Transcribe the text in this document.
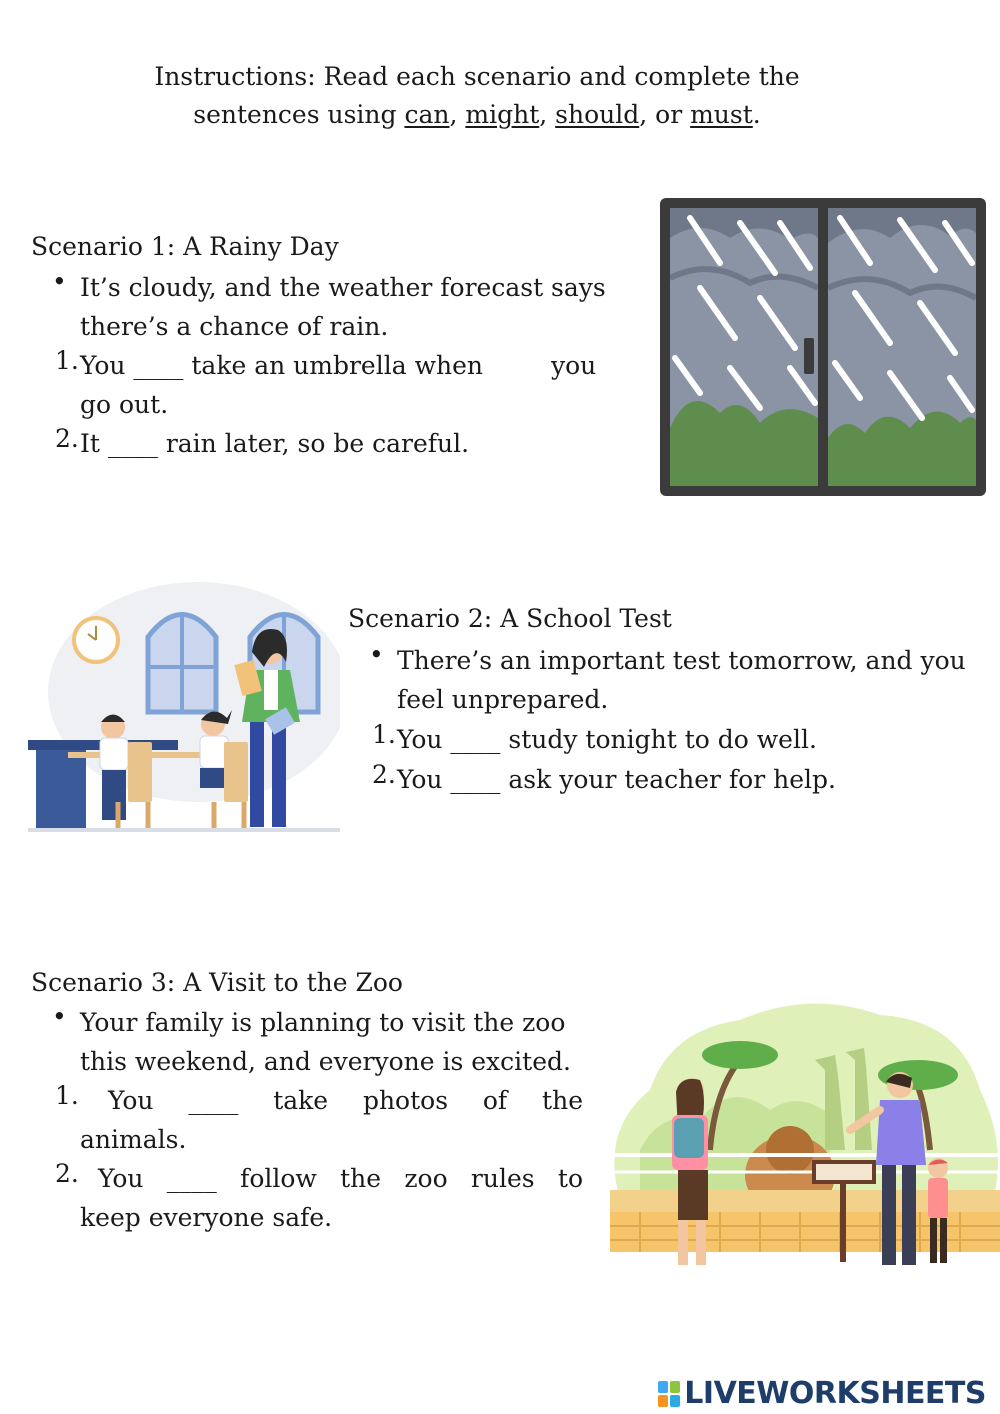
Instructions: Read each scenario and complete the
sentences using can, might, should, or must.
Scenario 1: A Rainy Day
• It’s cloudy, and the weather forecast says
there’s a chance of rain.
1. You ____ take an umbrella when	you
go out.
2. It ____ rain later, so be careful.
Scenario 2: A School Test
• There’s an important test tomorrow, and you
feel unprepared.
1. You ____ study tonight to do well.
2. You ____ ask your teacher for help.
Scenario 3: A Visit to the Zoo
• Your family is planning to visit the zoo
this weekend, and everyone is excited.
1. You ____ take photos of the
animals.
2. You ____ follow the zoo rules to
keep everyone safe.
LIVEWORKSHEETS
